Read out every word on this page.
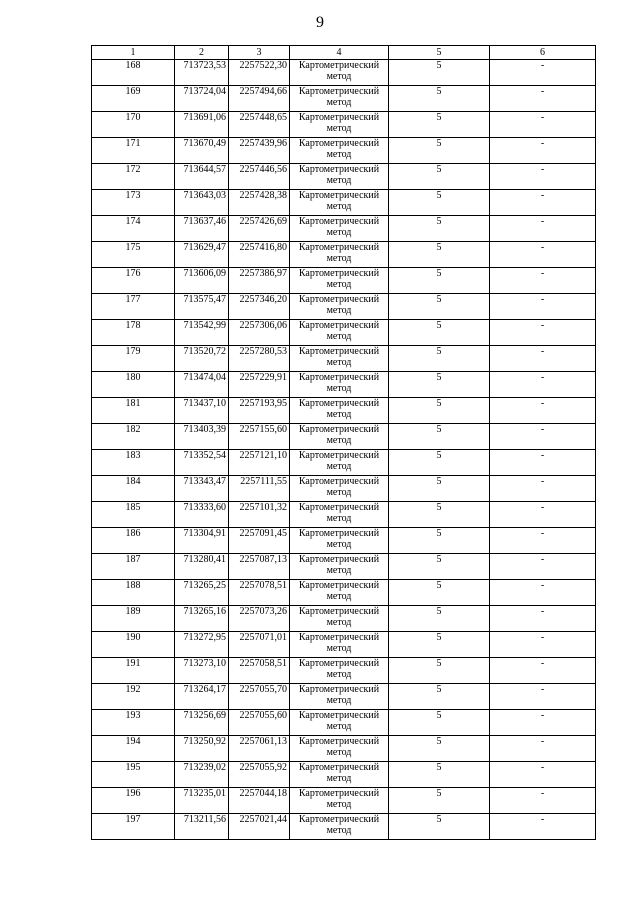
9
1	2	3	4	5	6
168	713723,53	2257522,30	Картометрический метод	5	-
169	713724,04	2257494,66	Картометрический метод	5	-
170	713691,06	2257448,65	Картометрический метод	5	-
171	713670,49	2257439,96	Картометрический метод	5	-
172	713644,57	2257446,56	Картометрический метод	5	-
173	713643,03	2257428,38	Картометрический метод	5	-
174	713637,46	2257426,69	Картометрический метод	5	-
175	713629,47	2257416,80	Картометрический метод	5	-
176	713606,09	2257386,97	Картометрический метод	5	-
177	713575,47	2257346,20	Картометрический метод	5	-
178	713542,99	2257306,06	Картометрический метод	5	-
179	713520,72	2257280,53	Картометрический метод	5	-
180	713474,04	2257229,91	Картометрический метод	5	-
181	713437,10	2257193,95	Картометрический метод	5	-
182	713403,39	2257155,60	Картометрический метод	5	-
183	713352,54	2257121,10	Картометрический метод	5	-
184	713343,47	2257111,55	Картометрический метод	5	-
185	713333,60	2257101,32	Картометрический метод	5	-
186	713304,91	2257091,45	Картометрический метод	5	-
187	713280,41	2257087,13	Картометрический метод	5	-
188	713265,25	2257078,51	Картометрический метод	5	-
189	713265,16	2257073,26	Картометрический метод	5	-
190	713272,95	2257071,01	Картометрический метод	5	-
191	713273,10	2257058,51	Картометрический метод	5	-
192	713264,17	2257055,70	Картометрический метод	5	-
193	713256,69	2257055,60	Картометрический метод	5	-
194	713250,92	2257061,13	Картометрический метод	5	-
195	713239,02	2257055,92	Картометрический метод	5	-
196	713235,01	2257044,18	Картометрический метод	5	-
197	713211,56	2257021,44	Картометрический метод	5	-
